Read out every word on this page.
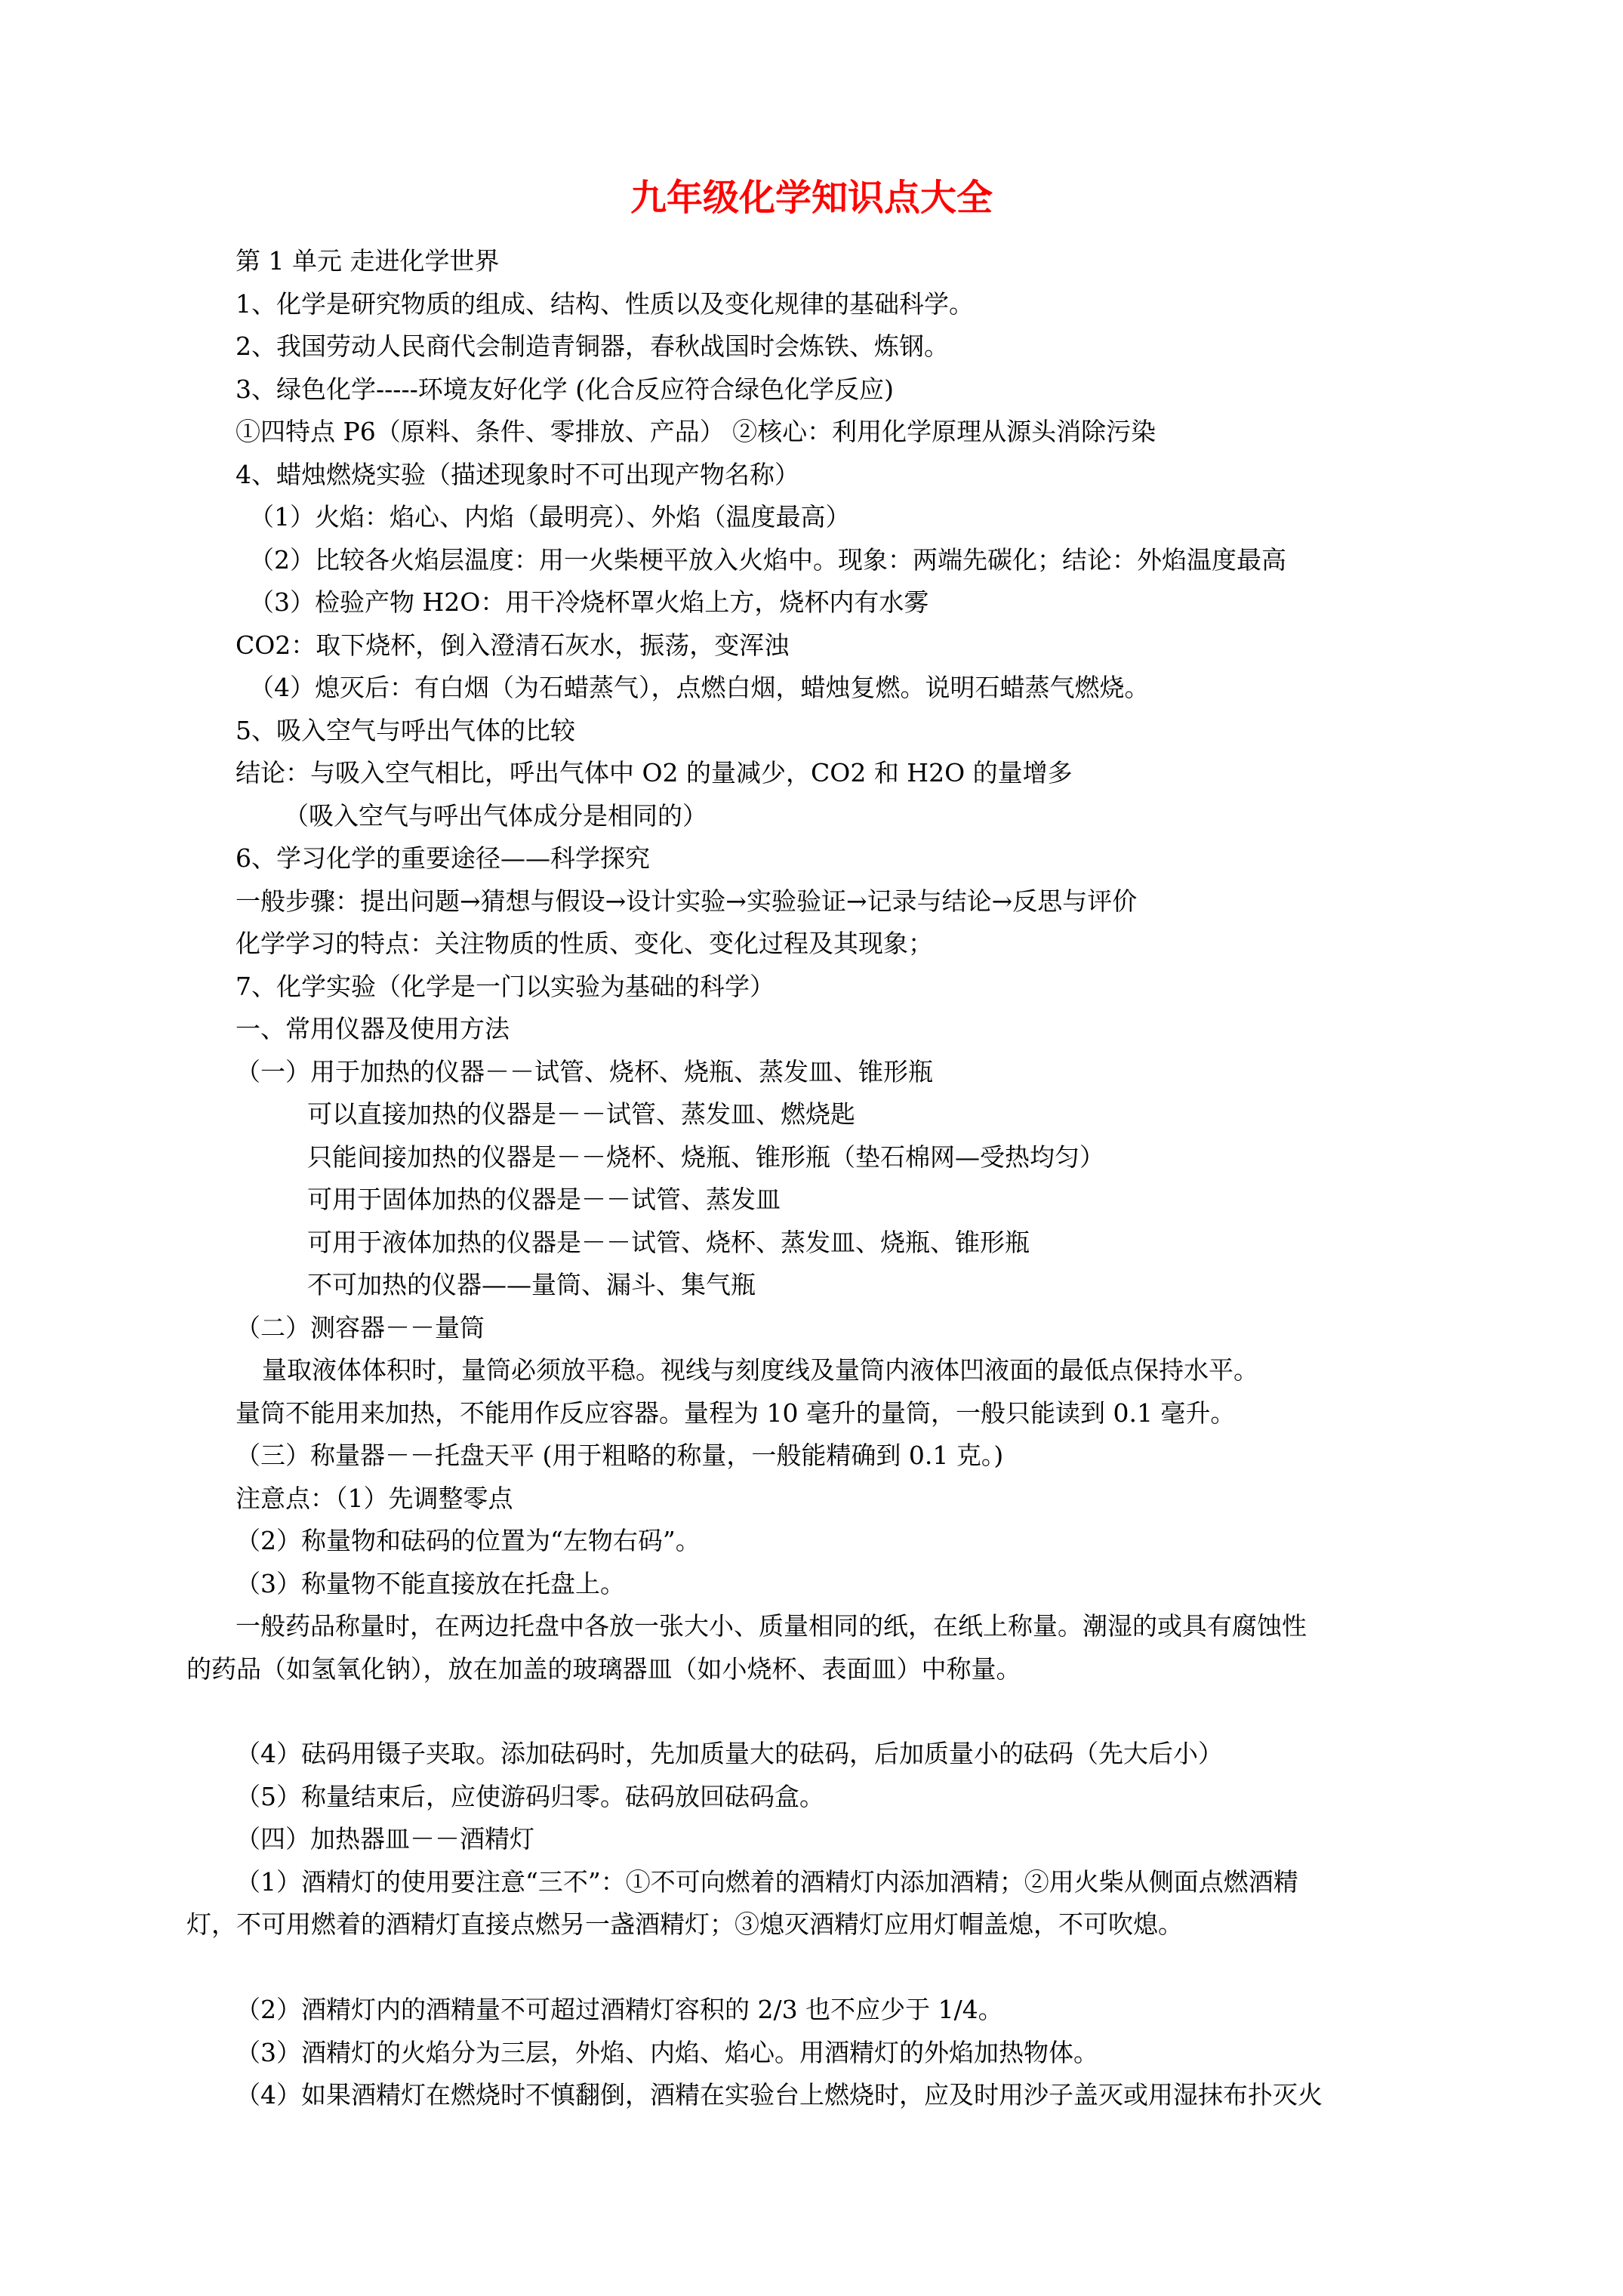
九年级化学知识点大全
第 1 单元 走进化学世界
1、化学是研究物质的组成、结构、性质以及变化规律的基础科学。
2、我国劳动人民商代会制造青铜器，春秋战国时会炼铁、炼钢。
3、绿色化学-----环境友好化学 (化合反应符合绿色化学反应)
①四特点 P6（原料、条件、零排放、产品） ②核心：利用化学原理从源头消除污染
4、蜡烛燃烧实验（描述现象时不可出现产物名称）
（1）火焰：焰心、内焰（最明亮）、外焰（温度最高）
（2）比较各火焰层温度：用一火柴梗平放入火焰中。现象：两端先碳化；结论：外焰温度最高
（3）检验产物 H2O：用干冷烧杯罩火焰上方，烧杯内有水雾
CO2：取下烧杯，倒入澄清石灰水，振荡，变浑浊
（4）熄灭后：有白烟（为石蜡蒸气），点燃白烟，蜡烛复燃。说明石蜡蒸气燃烧。
5、吸入空气与呼出气体的比较
结论：与吸入空气相比，呼出气体中 O2 的量减少，CO2 和 H2O 的量增多
（吸入空气与呼出气体成分是相同的）
6、学习化学的重要途径——科学探究
一般步骤：提出问题→猜想与假设→设计实验→实验验证→记录与结论→反思与评价
化学学习的特点：关注物质的性质、变化、变化过程及其现象；
7、化学实验（化学是一门以实验为基础的科学）
一、常用仪器及使用方法
（一）用于加热的仪器－－试管、烧杯、烧瓶、蒸发皿、锥形瓶
可以直接加热的仪器是－－试管、蒸发皿、燃烧匙
只能间接加热的仪器是－－烧杯、烧瓶、锥形瓶（垫石棉网—受热均匀）
可用于固体加热的仪器是－－试管、蒸发皿
可用于液体加热的仪器是－－试管、烧杯、蒸发皿、烧瓶、锥形瓶
不可加热的仪器——量筒、漏斗、集气瓶
（二）测容器－－量筒
量取液体体积时，量筒必须放平稳。视线与刻度线及量筒内液体凹液面的最低点保持水平。
量筒不能用来加热，不能用作反应容器。量程为 10 毫升的量筒，一般只能读到 0.1 毫升。
（三）称量器－－托盘天平 (用于粗略的称量，一般能精确到 0.1 克。)
注意点：（1）先调整零点
（2）称量物和砝码的位置为“左物右码”。
（3）称量物不能直接放在托盘上。
一般药品称量时，在两边托盘中各放一张大小、质量相同的纸，在纸上称量。潮湿的或具有腐蚀性
的药品（如氢氧化钠），放在加盖的玻璃器皿（如小烧杯、表面皿）中称量。
（4）砝码用镊子夹取。添加砝码时，先加质量大的砝码，后加质量小的砝码（先大后小）
（5）称量结束后，应使游码归零。砝码放回砝码盒。
（四）加热器皿－－酒精灯
（1）酒精灯的使用要注意“三不”：①不可向燃着的酒精灯内添加酒精；②用火柴从侧面点燃酒精
灯，不可用燃着的酒精灯直接点燃另一盏酒精灯；③熄灭酒精灯应用灯帽盖熄，不可吹熄。
（2）酒精灯内的酒精量不可超过酒精灯容积的 2/3 也不应少于 1/4。
（3）酒精灯的火焰分为三层，外焰、内焰、焰心。用酒精灯的外焰加热物体。
（4）如果酒精灯在燃烧时不慎翻倒，酒精在实验台上燃烧时，应及时用沙子盖灭或用湿抹布扑灭火
